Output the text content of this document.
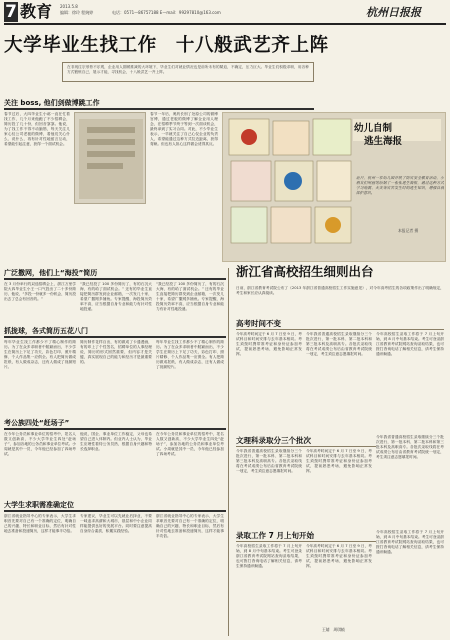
7 教育 2013.5.8
编辑：徐玲 程婉婷	电话：0571—86757188 E—mail：99297810@163.com	杭州日报报
大学毕业生找工作　十八般武艺齐上阵
在非现往宗形势不乐观，企业用人期缓推减的大环境下，毕业生们对就业情况也是前所未有的紧迫，不确定，压力巨大。毕业生们积极求职，用各种方式锻炼自己，展示才能，寻找机会，十八般武艺一齐上阵。
关注 boss, 他们剑做博跳工作
春节过后，大四毕业生小郝一直在忙着找工作，几个月来他跑了不少招聘会，简历投了几十份，但回音寥寥。他说，为了找工作不得不动脑筋，每天关注几家心仪公司老板的微博，看他们关心什么、说什么，再有针对性地留言互动，希望能引起注意，获得一个面试机会。
春节一年后，奥药长别了处原公司的微博官博，通过老板的微博了解企业用人理念，在招聘季节终于等到一次面谈机会，最终拿到了实习合同。对此，不少毕业生表示，一早就关注了自己心仪企业的负责人，希望能通过这种方式拉近距离，获得青睐。但也有人担心这样做会适得其反。
幼儿自制
逃生海报
近日，杭州一家幼儿园开展了防灾安全教育活动，小朋友们用画笔绘制了一张张逃生海报，通过这种方式学习地震、火灾等灾害发生时的逃生知识，增强自我保护意识。
本报记者 摄
广泛撒网，他们上“海投”简历
在 3 月份举行的双选招聘会上，浙江万里学院大四毕业生小王一口气投出了二十多份简历，他说，“多投一份就多一份机会，简历投出去了总会有回音的。”
“我已经投了 100 多份简历了，有的石沉大海，有的给了面试机会。” 还有的毕业生直接把简历群发到企业邮箱，一次发几十家，希望广撒网多捕鱼。专家提醒，海投简历效率不高，应当根据自身专业和能力有针对性地投递。
“我已经投了 100 多份简历了，有的石沉大海，有的给了面试机会。” 还有的毕业生直接把简历群发到企业邮箱，一次发几十家，希望广撒网多捕鱼。专家提醒，海投简历效率不高，应当根据自身专业和能力有针对性地投递。
抓拢球，各式简历五花八门
每年毕业生找工作都少不了精心制作的简历。为了在众多求职者中脱颖而出，不少学生在简历上下足了功夫，彩色打印、照片精修、个人作品集一应俱全。有人把简历做成报纸，有人做成杂志，还有人做成了视频短片。
简历制作花样百出，有的做成了卡通漫画，有的印上了个性签名，招聘单位的人事经理说，简历的形式固然重要，但内容才是关键，真实展现自己的能力和经历才是最重要的。
每年毕业生找工作都少不了精心制作的简历。为了在众多求职者中脱颖而出，不少学生在简历上下足了功夫，彩色打印、照片精修、个人作品集一应俱全。有人把简历做成报纸，有人做成杂志，还有人做成了视频短片。
考公族四处“赶场子”
在今年公务员和事业单位的招考中，报名人数又创新高，不少大学毕业生四处“赶场子”，参加各地的公务员和事业单位考试。小周就是其中一员，今年他已经参加了四场考试。
他说，国企、事业单位工作稳定，父母也希望自己进入体制内。但业内人士认为，毕业生应理性看待公务员热，根据自身兴趣和特长选择职业。
在今年公务员和事业单位的招考中，报名人数又创新高，不少大学毕业生四处“赶场子”，参加各地的公务员和事业单位考试。小周就是其中一员，今年他已经参加了四场考试。
大学生求职需准确定位
浙江省就业指导中心的专家表示，大学生求职首先要对自己有一个准确的定位，明确自己的兴趣、特长和职业目标，然后有针对性地去准备和投递简历，这样才能事半功倍。
专家建议，毕业生可以先就业后择业，不要一味追求高薪和大城市，基层和中小企业同样能提供良好的发展平台。同时要注意提高自身综合素质，积累实践经验。
浙江省就业指导中心的专家表示，大学生求职首先要对自己有一个准确的定位，明确自己的兴趣、特长和职业目标，然后有针对性地去准备和投递简历，这样才能事半功倍。
浙江省高校招生细则出台
日前，浙江省教育考试院公布了《2013 年浙江省普通高校招生工作实施意见》，对今年高考招生的各项政策作出了明确规定，考生和家长应认真阅读。
高考时间不变
今年高考时间定于 6 月 7 日至 9 日，考试科目和时间安排与去年基本相同。考生须按时携带准考证和身份证参加考试，提前熟悉考场，避免影响正常发挥。
今年我省普通高校招生录取继续分三个批次进行，第一批本科、第二批本科和第三批本科及高职高专。各批次录取线将在考试成绩公布后由省教育考试院统一划定，考生须注意志愿填报时间。
今年高校招生录取工作将于 7 月上旬开始，到 8 月中旬基本结束。考生可登录浙江省教育考试院网站查询录取结果，也可拨打咨询电话了解相关信息，请考生保持通讯畅通。
文理科录取分三个批次
今年我省普通高校招生录取继续分三个批次进行，第一批本科、第二批本科和第三批本科及高职高专。各批次录取线将在考试成绩公布后由省教育考试院统一划定，考生须注意志愿填报时间。
今年高考时间定于 6 月 7 日至 9 日，考试科目和时间安排与去年基本相同。考生须按时携带准考证和身份证参加考试，提前熟悉考场，避免影响正常发挥。
今年我省普通高校招生录取继续分三个批次进行，第一批本科、第二批本科和第三批本科及高职高专。各批次录取线将在考试成绩公布后由省教育考试院统一划定，考生须注意志愿填报时间。
录取工作 7 月上旬开始
今年高校招生录取工作将于 7 月上旬开始，到 8 月中旬基本结束。考生可登录浙江省教育考试院网站查询录取结果，也可拨打咨询电话了解相关信息，请考生保持通讯畅通。
今年高考时间定于 6 月 7 日至 9 日，考试科目和时间安排与去年基本相同。考生须按时携带准考证和身份证参加考试，提前熟悉考场，避免影响正常发挥。
今年高校招生录取工作将于 7 月上旬开始，到 8 月中旬基本结束。考生可登录浙江省教育考试院网站查询录取结果，也可拨打咨询电话了解相关信息，请考生保持通讯畅通。
王婧　周琪帧
